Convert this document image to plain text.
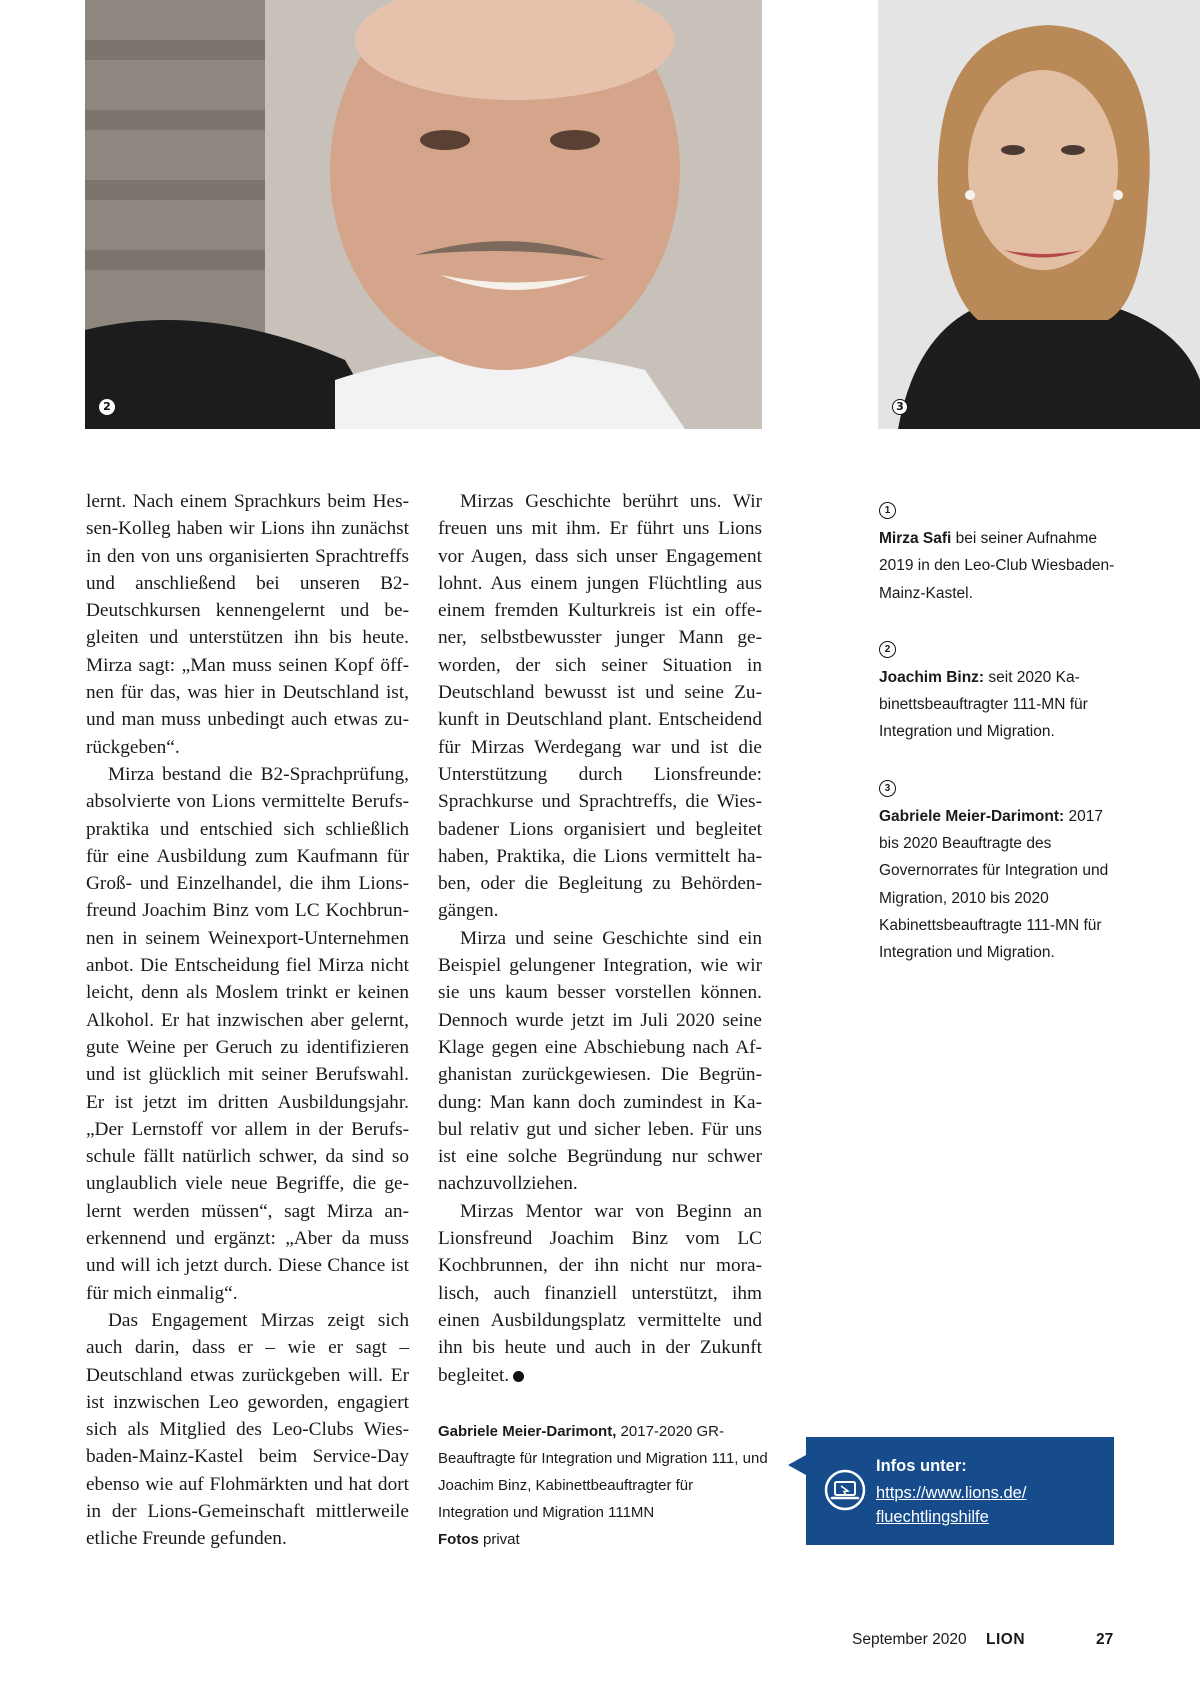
2	3

lernt. Nach einem Sprachkurs beim Hessen-Kolleg haben wir Lions ihn zunächst in den von uns organisierten Sprachtreffs und anschließend bei unseren B2-Deutschkursen kennengelernt und begleiten und unterstützen ihn bis heute. Mirza sagt: „Man muss seinen Kopf öffnen für das, was hier in Deutschland ist, und man muss unbedingt auch etwas zurückgeben“.

Mirza bestand die B2-Sprachprüfung, absolvierte von Lions vermittelte Berufspraktika und entschied sich schließlich für eine Ausbildung zum Kaufmann für Groß- und Einzelhandel, die ihm Lionsfreund Joachim Binz vom LC Kochbrunnen in seinem Weinexport-Unternehmen anbot. Die Entscheidung fiel Mirza nicht leicht, denn als Moslem trinkt er keinen Alkohol. Er hat inzwischen aber gelernt, gute Weine per Geruch zu identifizieren und ist glücklich mit seiner Berufswahl. Er ist jetzt im dritten Ausbildungsjahr. „Der Lernstoff vor allem in der Berufsschule fällt natürlich schwer, da sind so unglaublich viele neue Begriffe, die gelernt werden müssen“, sagt Mirza anerkennend und ergänzt: „Aber da muss und will ich jetzt durch. Diese Chance ist für mich einmalig“.

Das Engagement Mirzas zeigt sich auch darin, dass er – wie er sagt – Deutschland etwas zurückgeben will. Er ist inzwischen Leo geworden, engagiert sich als Mitglied des Leo-Clubs Wiesbaden-Mainz-Kastel beim Service-Day ebenso wie auf Flohmärkten und hat dort in der Lions-Gemeinschaft mittlerweile etliche Freunde gefunden.

Mirzas Geschichte berührt uns. Wir freuen uns mit ihm. Er führt uns Lions vor Augen, dass sich unser Engagement lohnt. Aus einem jungen Flüchtling aus einem fremden Kulturkreis ist ein offener, selbstbewusster junger Mann geworden, der sich seiner Situation in Deutschland bewusst ist und seine Zukunft in Deutschland plant. Entscheidend für Mirzas Werdegang war und ist die Unterstützung durch Lionsfreunde: Sprachkurse und Sprachtreffs, die Wiesbadener Lions organisiert und begleitet haben, Praktika, die Lions vermittelt haben, oder die Begleitung zu Behördengängen.

Mirza und seine Geschichte sind ein Beispiel gelungener Integration, wie wir sie uns kaum besser vorstellen können. Dennoch wurde jetzt im Juli 2020 seine Klage gegen eine Abschiebung nach Afghanistan zurückgewiesen. Die Begründung: Man kann doch zumindest in Kabul relativ gut und sicher leben. Für uns ist eine solche Begründung nur schwer nachzuvollziehen.

Mirzas Mentor war von Beginn an Lionsfreund Joachim Binz vom LC Kochbrunnen, der ihn nicht nur moralisch, auch finanziell unterstützt, ihm einen Ausbildungsplatz vermittelte und ihn bis heute und auch in der Zukunft begleitet.

Gabriele Meier-Darimont, 2017-2020 GR-Beauftragte für Integration und Migration 111, und Joachim Binz, Kabinettbeauftragter für Integration und Migration 111MN
Fotos privat
1
Mirza Safi bei seiner Aufnahme 2019 in den Leo-Club Wiesbaden-Mainz-Kastel.
2
Joachim Binz: seit 2020 Kabinettsbeauftragter 111-MN für Integration und Migration.
3
Gabriele Meier-Darimont: 2017 bis 2020 Beauftragte des Governorrates für Integration und Migration, 2010 bis 2020 Kabinettsbeauftragte 111-MN für Integration und Migration.
Infos unter:
https://www.lions.de/
fluechtlingshilfe
September 2020 LION	27
